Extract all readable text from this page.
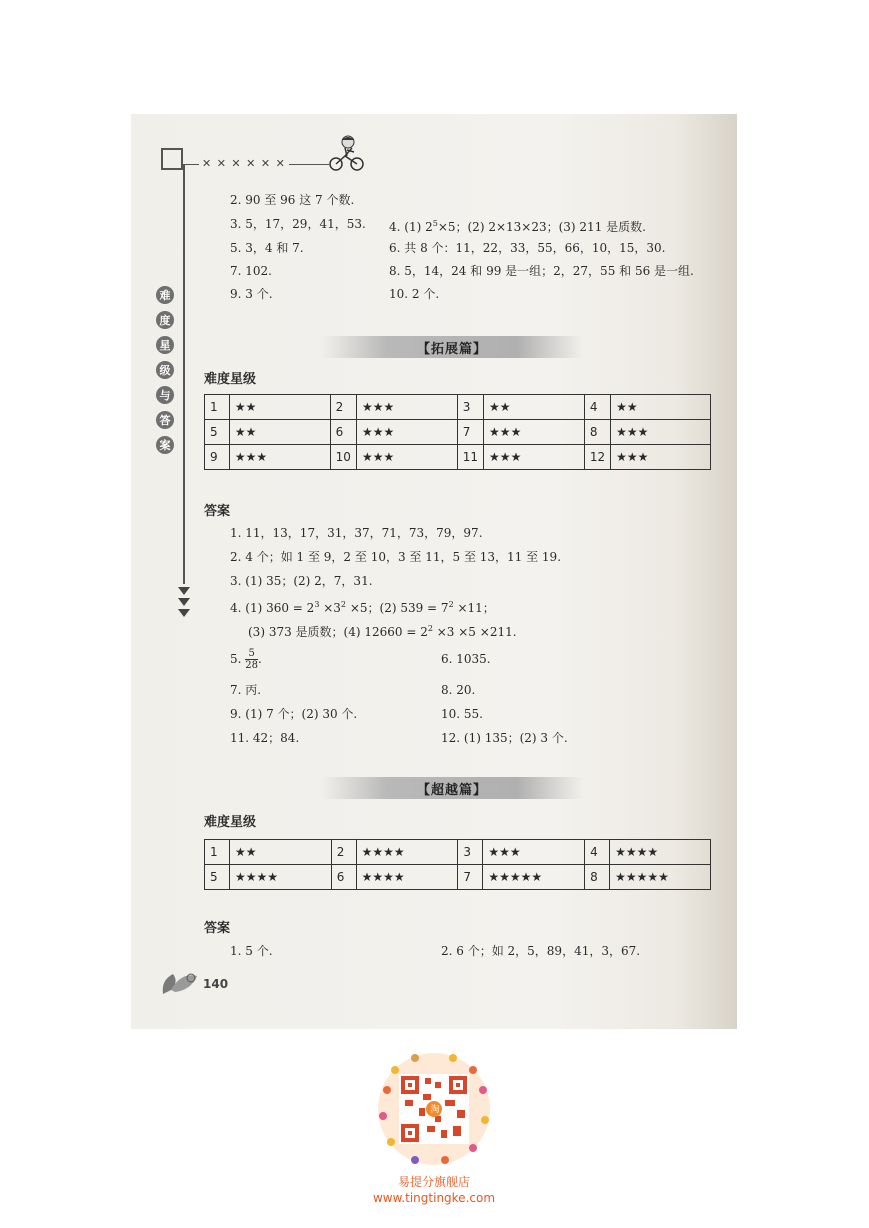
✕ ✕ ✕ ✕ ✕ ✕
难
度
星
级
与
答
案
2. 90 至 96 这 7 个数.
3. 5，17，29，41，53. 4. (1) $2^5\times 5$；(2) 2×13×23；(3) 211 是质数.
5. 3，4 和 7.	6. 共 8 个：11，22，33，55，66，10，15，30.
7. 102.	8. 5，14，24 和 99 是一组；2，27，55 和 56 是一组.
9. 3 个.	10. 2 个.
【拓展篇】
难度星级
1	★★	2	★★★	3	★★	4	★★
5	★★	6	★★★	7	★★★	8	★★★
9	★★★	10	★★★	11	★★★	12	★★★
答案
1. 11，13，17，31，37，71，73，79，97.
2. 4 个；如 1 至 9，2 至 10，3 至 11，5 至 13，11 至 19.
3. (1) 35；(2) 2，7，31.
4. (1) $360 = 2^3 \times 3^2 \times 5$；(2) $539 = 7^2 \times 11$；
(3) 373 是质数；(4) $12660 = 2^2 \times 3 \times 5 \times 211$.
5. $\frac{5}{28}$ .	6. 1035.
7. 丙.	8. 20.
9. (1) 7 个；(2) 30 个.	10. 55.
11. 42；84.	12. (1) 135；(2) 3 个.
【超越篇】
难度星级
1	★★	2	★★★★	3	★★★	4	★★★★
5	★★★★	6	★★★★	7	★★★★★	8	★★★★★
答案
1. 5 个.	2. 6 个；如 2，5，89，41，3，67.
140
淘
易提分旗舰店
www.tingtingke.com
